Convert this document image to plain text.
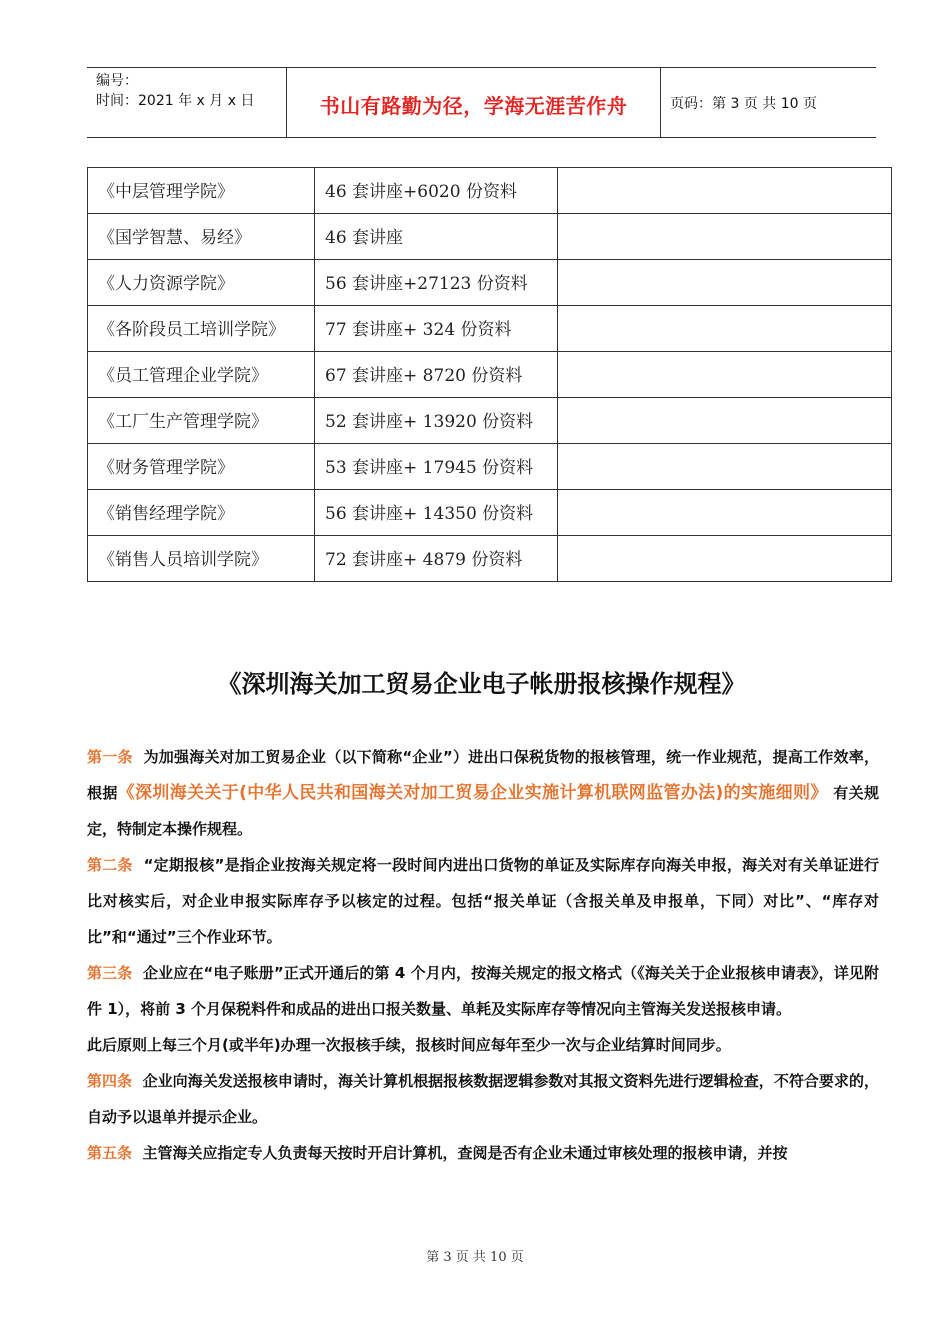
编号：
时间：2021 年 x 月 x 日	书山有路勤为径，学海无涯苦作舟	页码：第 3 页 共 10 页
《中层管理学院》	46 套讲座+6020 份资料	
《国学智慧、易经》	46 套讲座	
《人力资源学院》	56 套讲座+27123 份资料	
《各阶段员工培训学院》	77 套讲座+ 324 份资料	
《员工管理企业学院》	67 套讲座+ 8720 份资料	
《工厂生产管理学院》	52 套讲座+ 13920 份资料	
《财务管理学院》	53 套讲座+ 17945 份资料	
《销售经理学院》	56 套讲座+ 14350 份资料	
《销售人员培训学院》	72 套讲座+ 4879 份资料	
《深圳海关加工贸易企业电子帐册报核操作规程》

第一条 为加强海关对加工贸易企业（以下简称“企业”）进出口保税货物的报核管理，统一作业规范，提高工作效率，根据《深圳海关关于(中华人民共和国海关对加工贸易企业实施计算机联网监管办法)的实施细则》 有关规定，特制定本操作规程。

第二条 “定期报核”是指企业按海关规定将一段时间内进出口货物的单证及实际库存向海关申报，海关对有关单证进行比对核实后，对企业申报实际库存予以核定的过程。包括“报关单证（含报关单及申报单，下同）对比”、“库存对比”和“通过”三个作业环节。

第三条 企业应在“电子账册”正式开通后的第 4 个月内，按海关规定的报文格式（《海关关于企业报核申请表》，详见附件 1），将前 3 个月保税料件和成品的进出口报关数量、单耗及实际库存等情况向主管海关发送报核申请。

此后原则上每三个月(或半年)办理一次报核手续，报核时间应每年至少一次与企业结算时间同步。

第四条 企业向海关发送报核申请时，海关计算机根据报核数据逻辑参数对其报文资料先进行逻辑检查，不符合要求的，自动予以退单并提示企业。

第五条 主管海关应指定专人负责每天按时开启计算机，查阅是否有企业未通过审核处理的报核申请，并按

第 3 页 共 10 页
